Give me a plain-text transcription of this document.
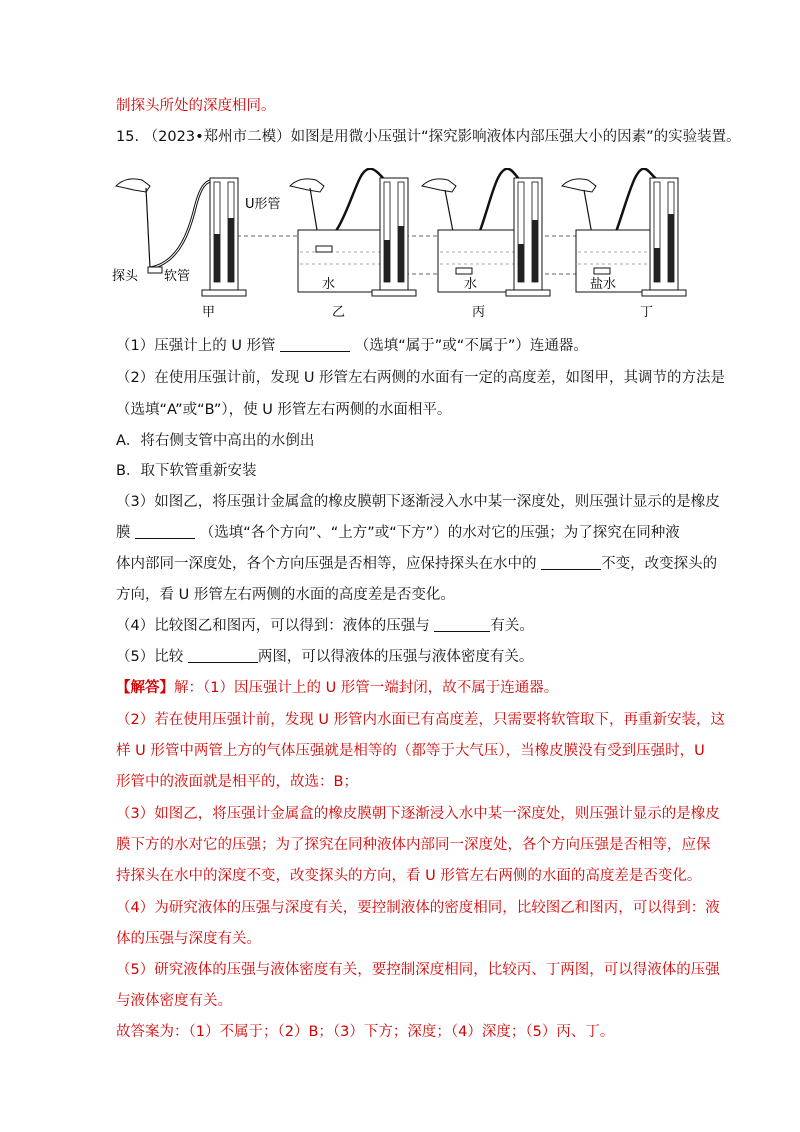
制探头所处的深度相同。
15. （2023•郑州市二模）如图是用微小压强计“探究影响液体内部压强大小的因素”的实验装置。
U形管
探头 软管
甲
水
乙
水
丙
盐水
丁
（1）压强计上的 U 形管	（选填“属于”或“不属于”）连通器。
（2）在使用压强计前，发现 U 形管左右两侧的水面有一定的高度差，如图甲，其调节的方法是
（选填“A”或“B”），使 U 形管左右两侧的水面相平。
A．将右侧支管中高出的水倒出
B．取下软管重新安装
（3）如图乙，将压强计金属盒的橡皮膜朝下逐渐浸入水中某一深度处，则压强计显示的是橡皮
膜	（选填“各个方向”、“上方”或“下方”）的水对它的压强；为了探究在同种液
体内部同一深度处，各个方向压强是否相等，应保持探头在水中的	不变，改变探头的
方向，看 U 形管左右两侧的水面的高度差是否变化。
（4）比较图乙和图丙，可以得到：液体的压强与	有关。
（5）比较	两图，可以得液体的压强与液体密度有关。
【解答】解：（1）因压强计上的 U 形管一端封闭，故不属于连通器。
（2）若在使用压强计前，发现 U 形管内水面已有高度差，只需要将软管取下，再重新安装，这
样 U 形管中两管上方的气体压强就是相等的（都等于大气压），当橡皮膜没有受到压强时，U
形管中的液面就是相平的，故选：B；
（3）如图乙，将压强计金属盒的橡皮膜朝下逐渐浸入水中某一深度处，则压强计显示的是橡皮
膜下方的水对它的压强；为了探究在同种液体内部同一深度处，各个方向压强是否相等，应保
持探头在水中的深度不变，改变探头的方向，看 U 形管左右两侧的水面的高度差是否变化。
（4）为研究液体的压强与深度有关，要控制液体的密度相同，比较图乙和图丙，可以得到：液
体的压强与深度有关。
（5）研究液体的压强与液体密度有关，要控制深度相同，比较丙、丁两图，可以得液体的压强
与液体密度有关。
故答案为：（1）不属于；（2）B；（3）下方；深度；（4）深度；（5）丙、丁。
